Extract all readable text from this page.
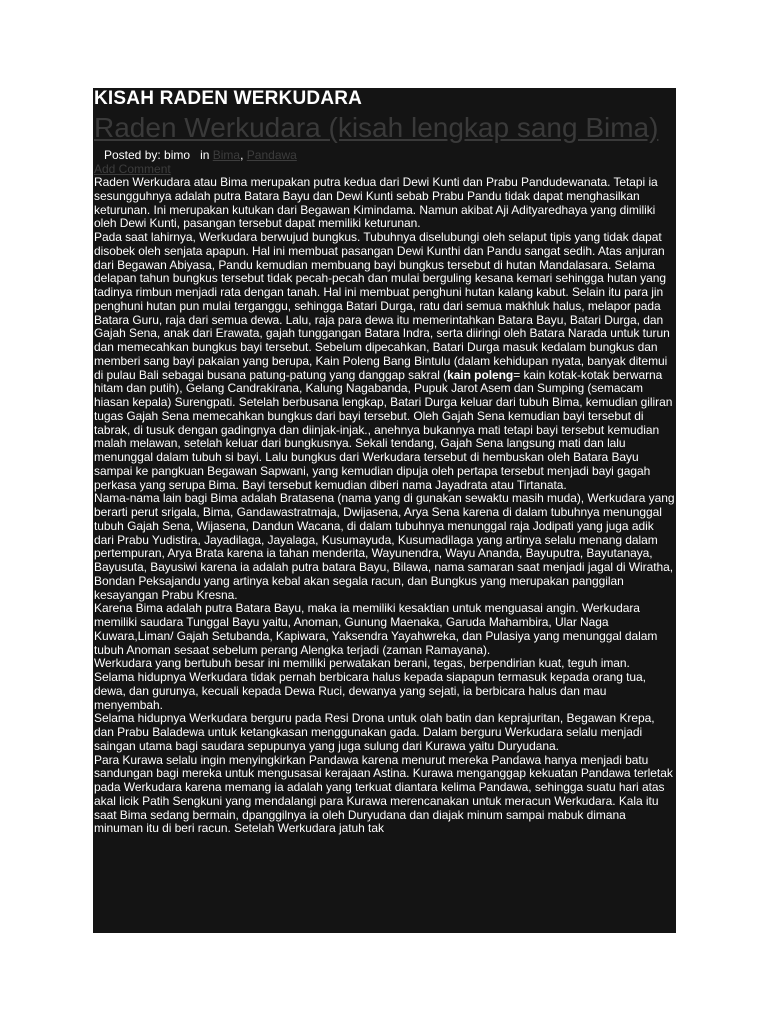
KISAH RADEN WERKUDARA
Raden Werkudara (kisah lengkap sang Bima)
Posted by: bimo in Bima, Pandawa
Add Comment

Raden Werkudara atau Bima merupakan putra kedua dari Dewi Kunti dan Prabu Pandudewanata. Tetapi ia sesungguhnya adalah putra Batara Bayu dan Dewi Kunti sebab Prabu Pandu tidak dapat menghasilkan keturunan. Ini merupakan kutukan dari Begawan Kimindama. Namun akibat Aji Adityaredhaya yang dimiliki oleh Dewi Kunti, pasangan tersebut dapat memiliki keturunan.

Pada saat lahirnya, Werkudara berwujud bungkus. Tubuhnya diselubungi oleh selaput tipis yang tidak dapat disobek oleh senjata apapun. Hal ini membuat pasangan Dewi Kunthi dan Pandu sangat sedih. Atas anjuran dari Begawan Abiyasa, Pandu kemudian membuang bayi bungkus tersebut di hutan Mandalasara. Selama delapan tahun bungkus tersebut tidak pecah-pecah dan mulai berguling kesana kemari sehingga hutan yang tadinya rimbun menjadi rata dengan tanah. Hal ini membuat penghuni hutan kalang kabut. Selain itu para jin penghuni hutan pun mulai terganggu, sehingga Batari Durga, ratu dari semua makhluk halus, melapor pada Batara Guru, raja dari semua dewa. Lalu, raja para dewa itu memerintahkan Batara Bayu, Batari Durga, dan Gajah Sena, anak dari Erawata, gajah tunggangan Batara Indra, serta diiringi oleh Batara Narada untuk turun dan memecahkan bungkus bayi tersebut. Sebelum dipecahkan, Batari Durga masuk kedalam bungkus dan memberi sang bayi pakaian yang berupa, Kain Poleng Bang Bintulu (dalam kehidupan nyata, banyak ditemui di pulau Bali sebagai busana patung-patung yang danggap sakral (kain poleng= kain kotak-kotak berwarna hitam dan putih), Gelang Candrakirana, Kalung Nagabanda, Pupuk Jarot Asem dan Sumping (semacam hiasan kepala) Surengpati. Setelah berbusana lengkap, Batari Durga keluar dari tubuh Bima, kemudian giliran tugas Gajah Sena memecahkan bungkus dari bayi tersebut. Oleh Gajah Sena kemudian bayi tersebut di tabrak, di tusuk dengan gadingnya dan diinjak-injak., anehnya bukannya mati tetapi bayi tersebut kemudian malah melawan, setelah keluar dari bungkusnya. Sekali tendang, Gajah Sena langsung mati dan lalu menunggal dalam tubuh si bayi. Lalu bungkus dari Werkudara tersebut di hembuskan oleh Batara Bayu sampai ke pangkuan Begawan Sapwani, yang kemudian dipuja oleh pertapa tersebut menjadi bayi gagah perkasa yang serupa Bima. Bayi tersebut kemudian diberi nama Jayadrata atau Tirtanata.

Nama-nama lain bagi Bima adalah Bratasena (nama yang di gunakan sewaktu masih muda), Werkudara yang berarti perut srigala, Bima, Gandawastratmaja, Dwijasena, Arya Sena karena di dalam tubuhnya menunggal tubuh Gajah Sena, Wijasena, Dandun Wacana, di dalam tubuhnya menunggal raja Jodipati yang juga adik dari Prabu Yudistira, Jayadilaga, Jayalaga, Kusumayuda, Kusumadilaga yang artinya selalu menang dalam pertempuran, Arya Brata karena ia tahan menderita, Wayunendra, Wayu Ananda, Bayuputra, Bayutanaya, Bayusuta, Bayusiwi karena ia adalah putra batara Bayu, Bilawa, nama samaran saat menjadi jagal di Wiratha, Bondan Peksajandu yang artinya kebal akan segala racun, dan Bungkus yang merupakan panggilan kesayangan Prabu Kresna.

Karena Bima adalah putra Batara Bayu, maka ia memiliki kesaktian untuk menguasai angin. Werkudara memiliki saudara Tunggal Bayu yaitu, Anoman, Gunung Maenaka, Garuda Mahambira, Ular Naga Kuwara,Liman/ Gajah Setubanda, Kapiwara, Yaksendra Yayahwreka, dan Pulasiya yang menunggal dalam tubuh Anoman sesaat sebelum perang Alengka terjadi (zaman Ramayana).

Werkudara yang bertubuh besar ini memiliki perwatakan berani, tegas, berpendirian kuat, teguh iman.

Selama hidupnya Werkudara tidak pernah berbicara halus kepada siapapun termasuk kepada orang tua, dewa, dan gurunya, kecuali kepada Dewa Ruci, dewanya yang sejati, ia berbicara halus dan mau menyembah.

Selama hidupnya Werkudara berguru pada Resi Drona untuk olah batin dan keprajuritan, Begawan Krepa, dan Prabu Baladewa untuk ketangkasan menggunakan gada. Dalam berguru Werkudara selalu menjadi saingan utama bagi saudara sepupunya yang juga sulung dari Kurawa yaitu Duryudana.

Para Kurawa selalu ingin menyingkirkan Pandawa karena menurut mereka Pandawa hanya menjadi batu sandungan bagi mereka untuk mengusasai kerajaan Astina. Kurawa menganggap kekuatan Pandawa terletak pada Werkudara karena memang ia adalah yang terkuat diantara kelima Pandawa, sehingga suatu hari atas akal licik Patih Sengkuni yang mendalangi para Kurawa merencanakan untuk meracun Werkudara. Kala itu saat Bima sedang bermain, dpanggilnya ia oleh Duryudana dan diajak minum sampai mabuk dimana minuman itu di beri racun. Setelah Werkudara jatuh tak
